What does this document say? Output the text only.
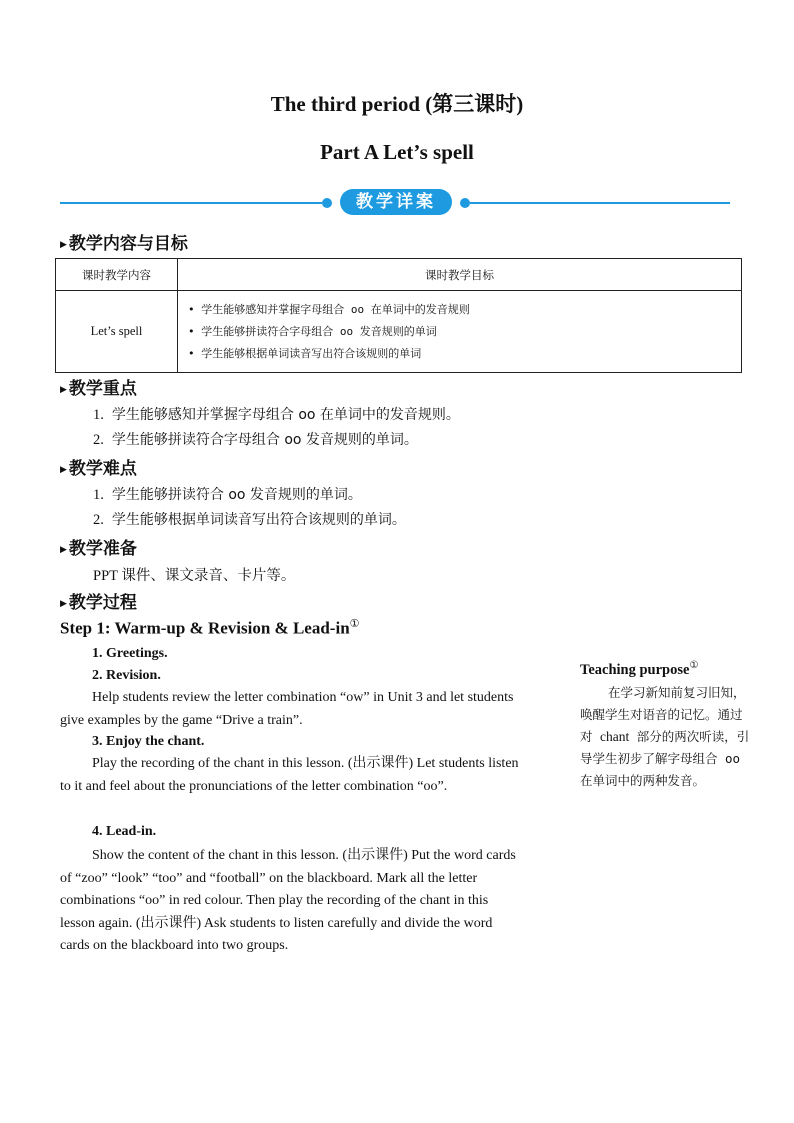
The third period (第三课时)
Part A Let’s spell
教学详案
▶ 教学内容与目标
课时教学内容	课时教学目标
Let’s spell	• 学生能够感知并掌握字母组合 oo 在单词中的发音规则
• 学生能够拼读符合字母组合 oo 发音规则的单词
• 学生能够根据单词读音写出符合该规则的单词
▶ 教学重点
1. 学生能够感知并掌握字母组合 oo 在单词中的发音规则。
2. 学生能够拼读符合字母组合 oo 发音规则的单词。
▶ 教学难点
1. 学生能够拼读符合 oo 发音规则的单词。
2. 学生能够根据单词读音写出符合该规则的单词。
▶ 教学准备
PPT 课件、课文录音、卡片等。
▶ 教学过程
Step 1: Warm-up & Revision & Lead-in①
1. Greetings.
2. Revision.
Help students review the letter combination “ow” in Unit 3 and let students give examples by the game “Drive a train”.
3. Enjoy the chant.
Play the recording of the chant in this lesson. (出示课件) Let students listen to it and feel about the pronunciations of the letter combination “oo”.
4. Lead-in.
Show the content of the chant in this lesson. (出示课件) Put the word cards of “zoo” “look” “too” and “football” on the blackboard. Mark all the letter combinations “oo” in red colour. Then play the recording of the chant in this lesson again. (出示课件) Ask students to listen carefully and divide the word cards on the blackboard into two groups.
Teaching purpose①
在学习新知前复习旧知，唤醒学生对语音的记忆。通过对 chant 部分的两次听读，引导学生初步了解字母组合 oo 在单词中的两种发音。
